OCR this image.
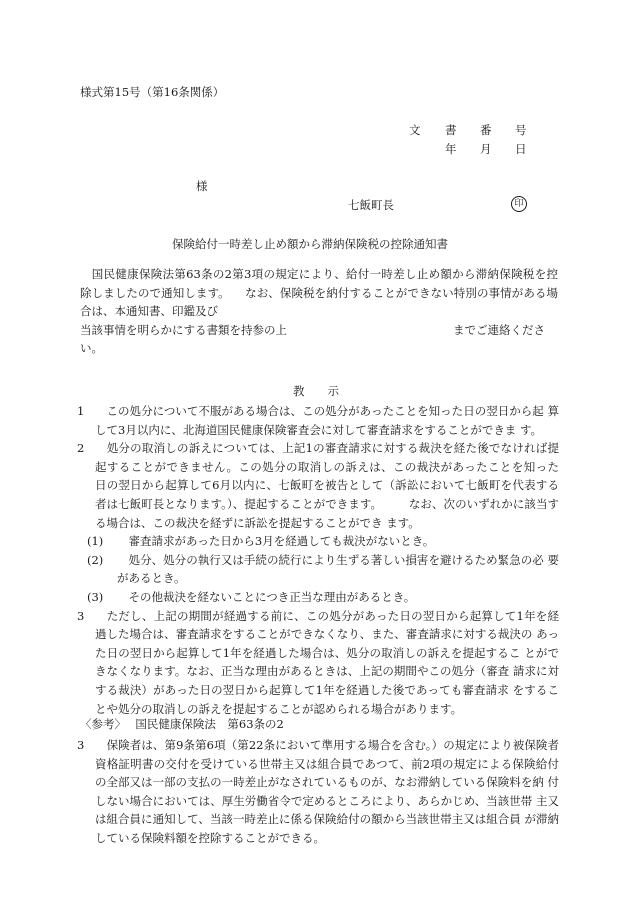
様式第15号（第16条関係）
文 書 番 号
年 月 日
様
七飯町長	印
保険給付一時差し止め額から滞納保険税の控除通知書
　国民健康保険法第63条の2第3項の規定により、給付一時差し止め額から滞納保険税を控 除しましたので通知します。 　なお、保険税を納付することができない特別の事情がある場合は、本通知書、印鑑及び
当該事情を明らかにする書類を持参の上	までご連絡くださ
い。
教　　示
1 　この処分について不服がある場合は、この処分があったことを知った日の翌日から起 算して3月以内に、北海道国民健康保険審査会に対して審査請求をすることができま す。
2 　処分の取消しの訴えについては、上記1の審査請求に対する裁決を経た後でなければ提 起することができません。この処分の取消しの訴えは、この裁決があったことを知った 日の翌日から起算して6月以内に、七飯町を被告として（訴訟において七飯町を代表する 者は七飯町長となります。）、提起することができます。 　　なお、次のいずれかに該当する場合は、この裁決を経ずに訴訟を提起することができ ます。
(1) 　審査請求があった日から3月を経過しても裁決がないとき。
(2) 　処分、処分の執行又は手続の続行により生ずる著しい損害を避けるため緊急の必 要があるとき。
(3) 　その他裁決を経ないことにつき正当な理由があるとき。
3 　ただし、上記の期間が経過する前に、この処分があった日の翌日から起算して1年を経 過した場合は、審査請求をすることができなくなり、また、審査請求に対する裁決の あった日の翌日から起算して1年を経過した場合は、処分の取消しの訴えを提起するこ とができなくなります。なお、正当な理由があるときは、上記の期間やこの処分（審査 請求に対する裁決）があった日の翌日から起算して1年を経過した後であっても審査請求 をすることや処分の取消しの訴えを提起することが認められる場合があります。
〈参考〉　 国民健康保険法　第63条の2
3 　保険者は、第9条第6項（第22条において準用する場合を含む。）の規定により被保険者 資格証明書の交付を受けている世帯主又は組合員であつて、前2項の規定による保険給付 の全部又は一部の支払の一時差止がなされているものが、なお滞納している保険料を納 付しない場合においては、厚生労働省令で定めるところにより、あらかじめ、当該世帯 主又は組合員に通知して、当該一時差止に係る保険給付の額から当該世帯主又は組合員 が滞納している保険料額を控除することができる。
